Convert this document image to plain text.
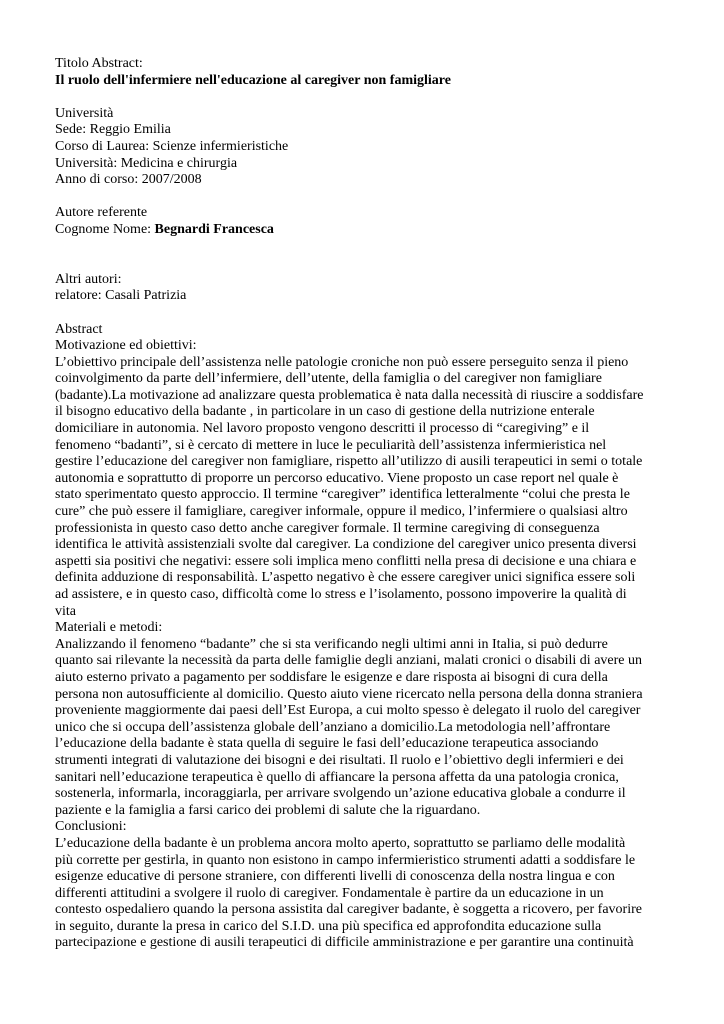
Titolo Abstract:
Il ruolo dell'infermiere nell'educazione al caregiver non famigliare
Università
Sede: Reggio Emilia
Corso di Laurea: Scienze infermieristiche
Università: Medicina e chirurgia
Anno di corso: 2007/2008
Autore referente
Cognome Nome: Begnardi Francesca
Altri autori:
relatore: Casali Patrizia
Abstract
Motivazione ed obiettivi:
L’obiettivo principale dell’assistenza nelle patologie croniche non può essere perseguito senza il pieno
coinvolgimento da parte dell’infermiere, dell’utente, della famiglia o del caregiver non famigliare
(badante).La motivazione ad analizzare questa problematica è nata dalla necessità di riuscire a soddisfare
il bisogno educativo della badante , in particolare in un caso di gestione della nutrizione enterale
domiciliare in autonomia. Nel lavoro proposto vengono descritti il processo di “caregiving” e il
fenomeno “badanti”, si è cercato di mettere in luce le peculiarità dell’assistenza infermieristica nel
gestire l’educazione del caregiver non famigliare, rispetto all’utilizzo di ausili terapeutici in semi o totale
autonomia e soprattutto di proporre un percorso educativo. Viene proposto un case report nel quale è
stato sperimentato questo approccio. Il termine “caregiver” identifica letteralmente “colui che presta le
cure” che può essere il famigliare, caregiver informale, oppure il medico, l’infermiere o qualsiasi altro
professionista in questo caso detto anche caregiver formale. Il termine caregiving di conseguenza
identifica le attività assistenziali svolte dal caregiver. La condizione del caregiver unico presenta diversi
aspetti sia positivi che negativi: essere soli implica meno conflitti nella presa di decisione e una chiara e
definita adduzione di responsabilità. L’aspetto negativo è che essere caregiver unici significa essere soli
ad assistere, e in questo caso, difficoltà come lo stress e l’isolamento, possono impoverire la qualità di
vita
Materiali e metodi:
Analizzando il fenomeno “badante” che si sta verificando negli ultimi anni in Italia, si può dedurre
quanto sai rilevante la necessità da parta delle famiglie degli anziani, malati cronici o disabili di avere un
aiuto esterno privato a pagamento per soddisfare le esigenze e dare risposta ai bisogni di cura della
persona non autosufficiente al domicilio. Questo aiuto viene ricercato nella persona della donna straniera
proveniente maggiormente dai paesi dell’Est Europa, a cui molto spesso è delegato il ruolo del caregiver
unico che si occupa dell’assistenza globale dell’anziano a domicilio.La metodologia nell’affrontare
l’educazione della badante è stata quella di seguire le fasi dell’educazione terapeutica associando
strumenti integrati di valutazione dei bisogni e dei risultati. Il ruolo e l’obiettivo degli infermieri e dei
sanitari nell’educazione terapeutica è quello di affiancare la persona affetta da una patologia cronica,
sostenerla, informarla, incoraggiarla, per arrivare svolgendo un’azione educativa globale a condurre il
paziente e la famiglia a farsi carico dei problemi di salute che la riguardano.
Conclusioni:
L’educazione della badante è un problema ancora molto aperto, soprattutto se parliamo delle modalità
più corrette per gestirla, in quanto non esistono in campo infermieristico strumenti adatti a soddisfare le
esigenze educative di persone straniere, con differenti livelli di conoscenza della nostra lingua e con
differenti attitudini a svolgere il ruolo di caregiver. Fondamentale è partire da un educazione in un
contesto ospedaliero quando la persona assistita dal caregiver badante, è soggetta a ricovero, per favorire
in seguito, durante la presa in carico del S.I.D. una più specifica ed approfondita educazione sulla
partecipazione e gestione di ausili terapeutici di difficile amministrazione e per garantire una continuità
